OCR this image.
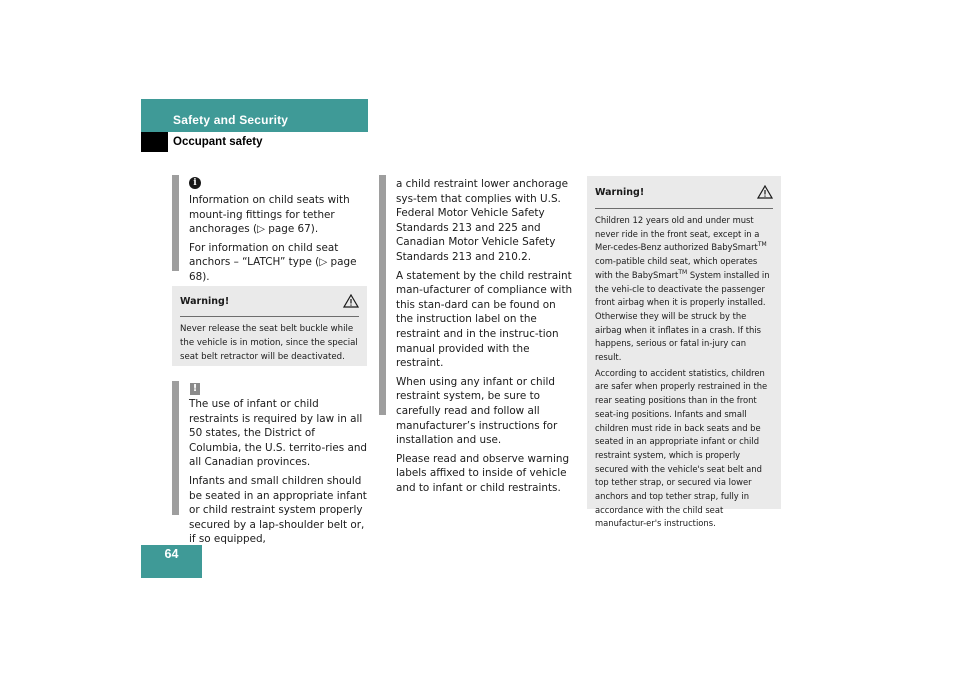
Safety and Security
Occupant safety
i

Information on child seats with mount-ing fittings for tether anchorages (▷ page 67).

For information on child seat anchors – “LATCH” type (▷ page 68).

Warning!
Never release the seat belt buckle while the vehicle is in motion, since the special seat belt retractor will be deactivated.
!

The use of infant or child restraints is required by law in all 50 states, the District of Columbia, the U.S. territo-ries and all Canadian provinces.

Infants and small children should be seated in an appropriate infant or child restraint system properly secured by a lap-shoulder belt or, if so equipped,

a child restraint lower anchorage sys-tem that complies with U.S. Federal Motor Vehicle Safety Standards 213 and 225 and Canadian Motor Vehicle Safety Standards 213 and 210.2.

A statement by the child restraint man-ufacturer of compliance with this stan-dard can be found on the instruction label on the restraint and in the instruc-tion manual provided with the restraint.

When using any infant or child restraint system, be sure to carefully read and follow all manufacturer’s instructions for installation and use.

Please read and observe warning labels affixed to inside of vehicle and to infant or child restraints.

Warning!

Children 12 years old and under must never ride in the front seat, except in a Mer-cedes-Benz authorized BabySmart™ com-patible child seat, which operates with the BabySmart™ System installed in the vehi-cle to deactivate the passenger front airbag when it is properly installed. Otherwise they will be struck by the airbag when it inflates in a crash. If this happens, serious or fatal in-jury can result.

According to accident statistics, children are safer when properly restrained in the rear seating positions than in the front seat-ing positions. Infants and small children must ride in back seats and be seated in an appropriate infant or child restraint system, which is properly secured with the vehicle's seat belt and top tether strap, or secured via lower anchors and top tether strap, fully in accordance with the child seat manufactur-er's instructions.

64
